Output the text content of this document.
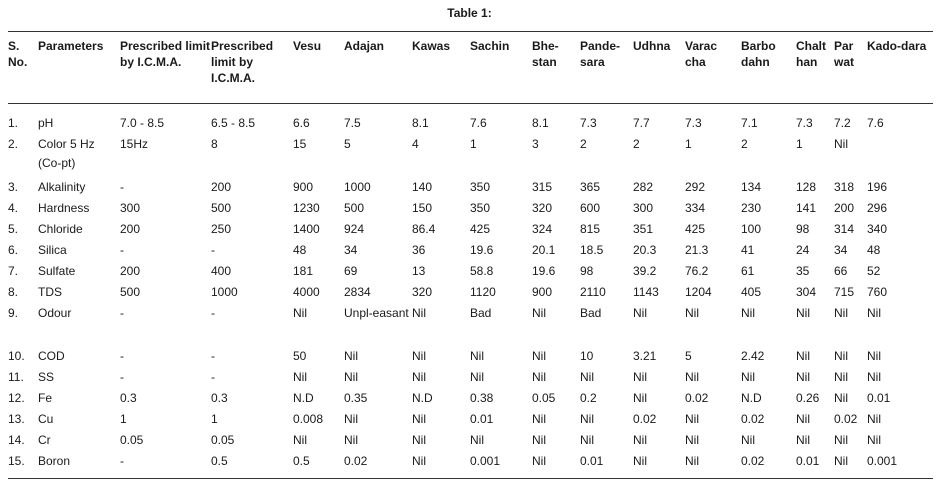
Table 1:
S.
No.	Parameters	Prescribed limit by I.C.M.A.	Prescribed limit by I.C.M.A.	Vesu	Adajan	Kawas	Sachin	Bhe-stan	Pande-sara	Udhna	Varac cha	Barbo dahn	Chalt han	Par wat	Kado-dara
1.	pH	7.0 - 8.5	6.5 - 8.5	6.6	7.5	8.1	7.6	8.1	7.3	7.7	7.3	7.1	7.3	7.2	7.6
2.	Color 5 Hz (Co-pt)	15Hz	8	15	5	4	1	3	2	2	1	2	1	Nil	
3.	Alkalinity	-	200	900	1000	140	350	315	365	282	292	134	128	318	196
4.	Hardness	300	500	1230	500	150	350	320	600	300	334	230	141	200	296
5.	Chloride	200	250	1400	924	86.4	425	324	815	351	425	100	98	314	340
6.	Silica	-	-	48	34	36	19.6	20.1	18.5	20.3	21.3	41	24	34	48
7.	Sulfate	200	400	181	69	13	58.8	19.6	98	39.2	76.2	61	35	66	52
8.	TDS	500	1000	4000	2834	320	1120	900	2110	1143	1204	405	304	715	760
9.	Odour	-	-	Nil	Unpl-easant	Nil	Bad	Nil	Bad	Nil	Nil	Nil	Nil	Nil	Nil
10.	COD	-	-	50	Nil	Nil	Nil	Nil	10	3.21	5	2.42	Nil	Nil	Nil
11.	SS	-	-	Nil	Nil	Nil	Nil	Nil	Nil	Nil	Nil	Nil	Nil	Nil	Nil
12.	Fe	0.3	0.3	N.D	0.35	N.D	0.38	0.05	0.2	Nil	0.02	N.D	0.26	Nil	0.01
13.	Cu	1	1	0.008	Nil	Nil	0.01	Nil	Nil	0.02	Nil	0.02	Nil	0.02	Nil
14.	Cr	0.05	0.05	Nil	Nil	Nil	Nil	Nil	Nil	Nil	Nil	Nil	Nil	Nil	Nil
15.	Boron	-	0.5	0.5	0.02	Nil	0.001	Nil	0.01	Nil	Nil	0.02	0.01	Nil	0.001
